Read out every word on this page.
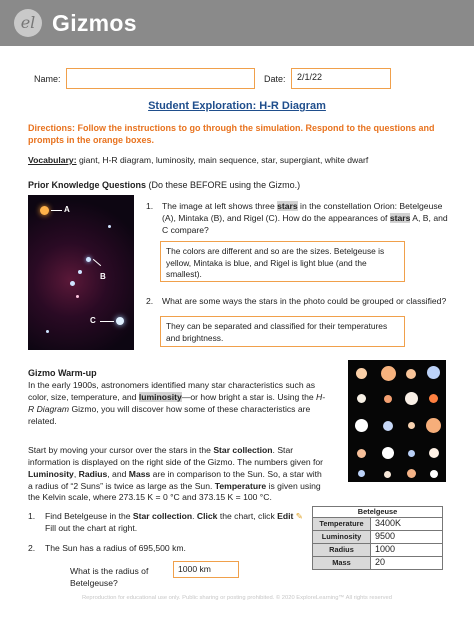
el Gizmos
Name:	Date:	2/1/22
Student Exploration: H-R Diagram
Directions: Follow the instructions to go through the simulation. Respond to the questions and prompts in the orange boxes.
Vocabulary: giant, H-R diagram, luminosity, main sequence, star, supergiant, white dwarf
Prior Knowledge Questions (Do these BEFORE using the Gizmo.)
A
B
C
1. The image at left shows three stars in the constellation Orion: Betelgeuse (A), Mintaka (B), and Rigel (C). How do the appearances of stars A, B, and C compare?
The colors are different and so are the sizes. Betelgeuse is yellow, Mintaka is blue, and Rigel is light blue (and the smallest).
2. What are some ways the stars in the photo could be grouped or classified?
They can be separated and classified for their temperatures and brightness.
Gizmo Warm-up
In the early 1900s, astronomers identified many star characteristics such as color, size, temperature, and luminosity—or how bright a star is. Using the H-R Diagram Gizmo, you will discover how some of these characteristics are related.
Start by moving your cursor over the stars in the Star collection. Star information is displayed on the right side of the Gizmo. The numbers given for Luminosity, Radius, and Mass are in comparison to the Sun. So, a star with a radius of “2 Suns” is twice as large as the Sun. Temperature is given using the Kelvin scale, where 273.15 K = 0 °C and 373.15 K = 100 °C.
1. Find Betelgeuse in the Star collection. Click the chart, click Edit ✎ Fill out the chart at right.
2. The Sun has a radius of 695,500 km.
What is the radius of Betelgeuse?
1000 km
Betelgeuse	
Temperature	3400K
Luminosity	9500
Radius	1000
Mass	20
Reproduction for educational use only. Public sharing or posting prohibited. © 2020 ExploreLearning™ All rights reserved
